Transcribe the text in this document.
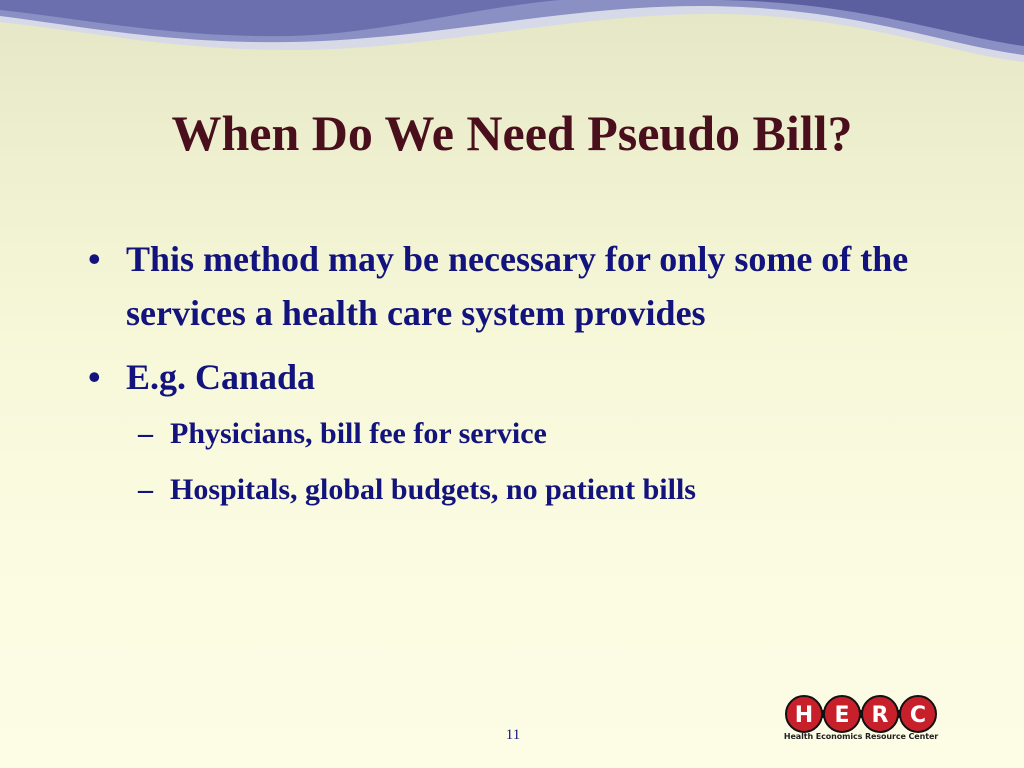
When Do We Need Pseudo Bill?
• This method may be necessary for only some of the services a health care system provides
• E.g. Canada
– Physicians, bill fee for service
– Hospitals, global budgets, no patient bills
11
H E R C
Health Economics Resource Center
